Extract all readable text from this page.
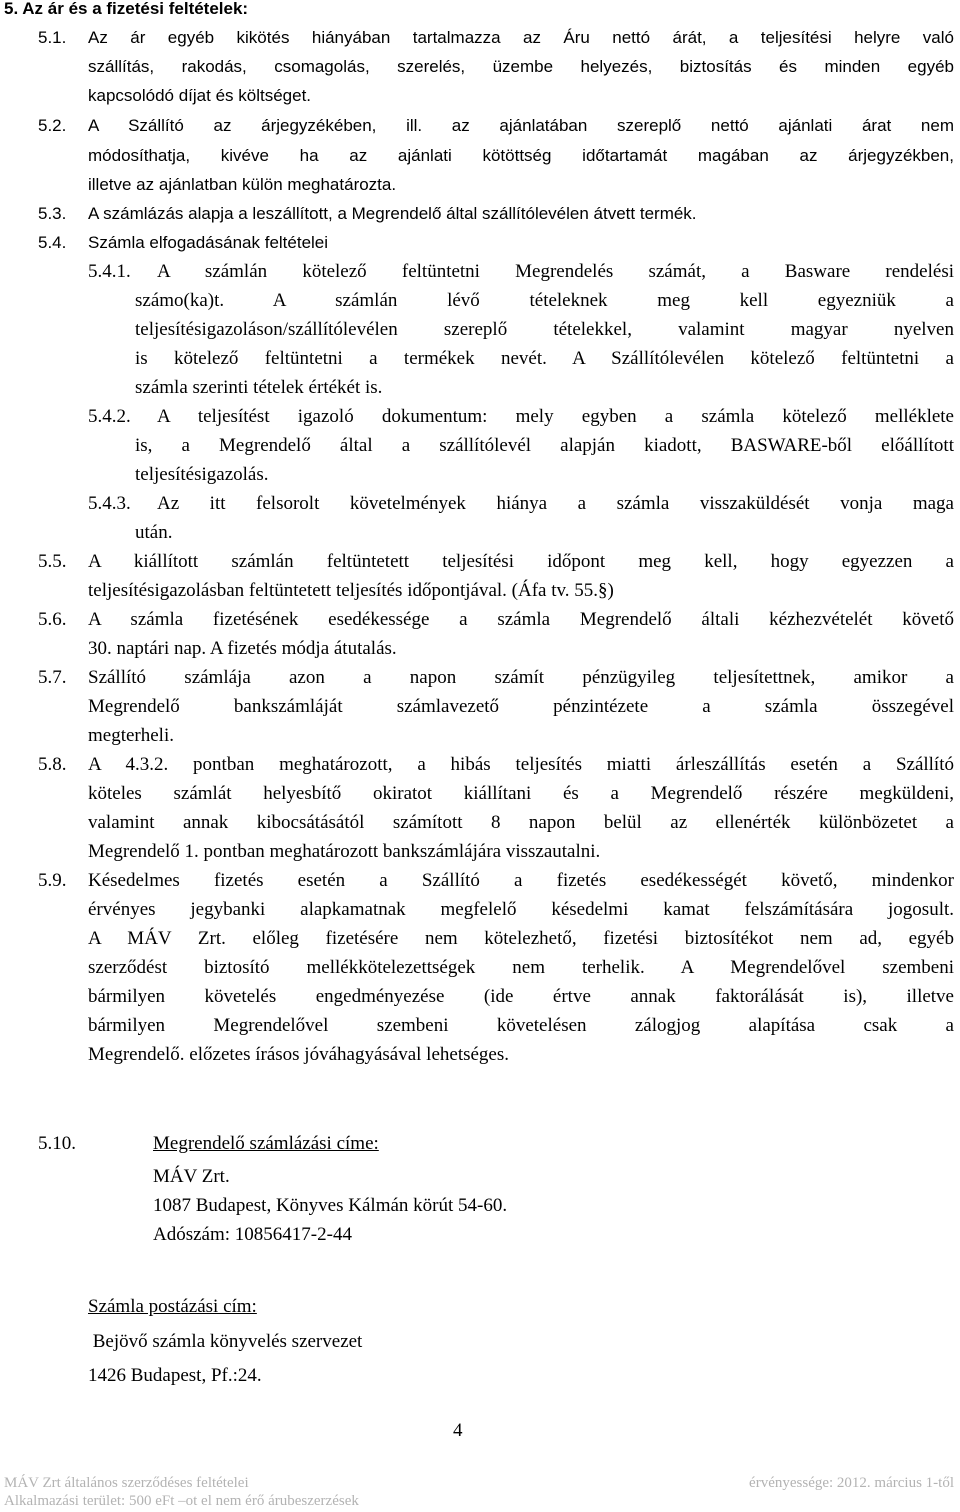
5. Az ár és a fizetési feltételek:
5.1. Az ár egyéb kikötés hiányában tartalmazza az Áru nettó árát, a teljesítési helyre való
szállítás, rakodás, csomagolás, szerelés, üzembe helyezés, biztosítás és minden egyéb
kapcsolódó díjat és költséget.
5.2. A Szállító az árjegyzékében, ill. az ajánlatában szereplő nettó ajánlati árat nem
módosíthatja, kivéve ha az ajánlati kötöttség időtartamát magában az árjegyzékben,
illetve az ajánlatban külön meghatározta.
5.3. A számlázás alapja a leszállított, a Megrendelő által szállítólevélen átvett termék.
5.4. Számla elfogadásának feltételei
5.4.1. A számlán kötelező feltüntetni Megrendelés számát, a Basware rendelési
számo(ka)t. A számlán lévő tételeknek meg kell egyezniük a
teljesítésigazoláson/szállítólevélen szereplő tételekkel, valamint magyar nyelven
is kötelező feltüntetni a termékek nevét. A Szállítólevélen kötelező feltüntetni a
számla szerinti tételek értékét is.
5.4.2. A teljesítést igazoló dokumentum: mely egyben a számla kötelező melléklete
is, a Megrendelő által a szállítólevél alapján kiadott, BASWARE-ből előállított
teljesítésigazolás.
5.4.3. Az itt felsorolt követelmények hiánya a számla visszaküldését vonja maga
után.
5.5. A kiállított számlán feltüntetett teljesítési időpont meg kell, hogy egyezzen a
teljesítésigazolásban feltüntetett teljesítés időpontjával. (Áfa tv. 55.§)
5.6. A számla fizetésének esedékessége a számla Megrendelő általi kézhezvételét követő
30. naptári nap. A fizetés módja átutalás.
5.7. Szállító számlája azon a napon számít pénzügyileg teljesítettnek, amikor a
Megrendelő bankszámláját számlavezető pénzintézete a számla összegével
megterheli.
5.8. A 4.3.2. pontban meghatározott, a hibás teljesítés miatti árleszállítás esetén a Szállító
köteles számlát helyesbítő okiratot kiállítani és a Megrendelő részére megküldeni,
valamint annak kibocsátásától számított 8 napon belül az ellenérték különbözetet a
Megrendelő 1. pontban meghatározott bankszámlájára visszautalni.
5.9. Késedelmes fizetés esetén a Szállító a fizetés esedékességét követő, mindenkor
érvényes jegybanki alapkamatnak megfelelő késedelmi kamat felszámítására jogosult.
A MÁV Zrt. előleg fizetésére nem kötelezhető, fizetési biztosítékot nem ad, egyéb
szerződést biztosító mellékkötelezettségek nem terhelik. A Megrendelővel szembeni
bármilyen követelés engedményezése (ide értve annak faktorálását is), illetve
bármilyen Megrendelővel szembeni követelésen zálogjog alapítása csak a
Megrendelő. előzetes írásos jóváhagyásával lehetséges.
5.10.	Megrendelő számlázási címe:
MÁV Zrt.
1087 Budapest, Könyves Kálmán körút 54-60.
Adószám: 10856417-2-44
Számla postázási cím:
Bejövő számla könyvelés szervezet
1426 Budapest, Pf.:24.
4
MÁV Zrt általános szerződéses feltételei	érvényessége: 2012. március 1-től
Alkalmazási terület: 500 eFt –ot el nem érő árubeszerzések
